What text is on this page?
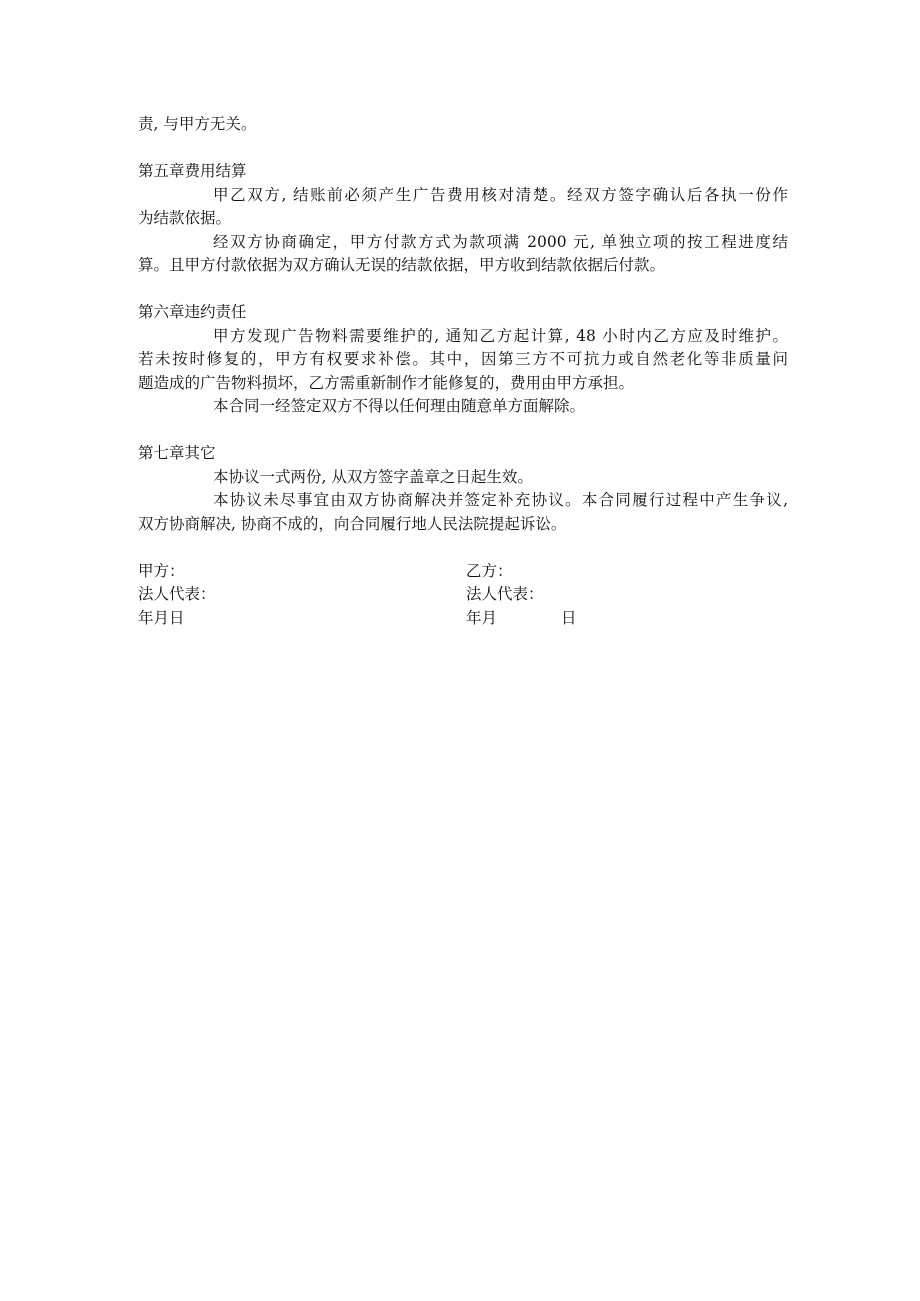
责, 与甲方无关。
第五章费用结算
甲乙双方, 结账前必须产生广告费用核对清楚。经双方签字确认后各执一份作
为结款依据。
经双方协商确定，甲方付款方式为款项满 2000 元, 单独立项的按工程进度结
算。且甲方付款依据为双方确认无误的结款依据，甲方收到结款依据后付款。
第六章违约责任
甲方发现广告物料需要维护的, 通知乙方起计算, 48 小时内乙方应及时维护。
若未按时修复的，甲方有权要求补偿。其中，因第三方不可抗力或自然老化等非质量问
题造成的广告物料损坏，乙方需重新制作才能修复的，费用由甲方承担。
本合同一经签定双方不得以任何理由随意单方面解除。
第七章其它
本协议一式两份, 从双方签字盖章之日起生效。
本协议未尽事宜由双方协商解决并签定补充协议。本合同履行过程中产生争议,
双方协商解决, 协商不成的，向合同履行地人民法院提起诉讼。
甲方：	乙方：
法人代表：	法人代表：
年月日	年月	日
